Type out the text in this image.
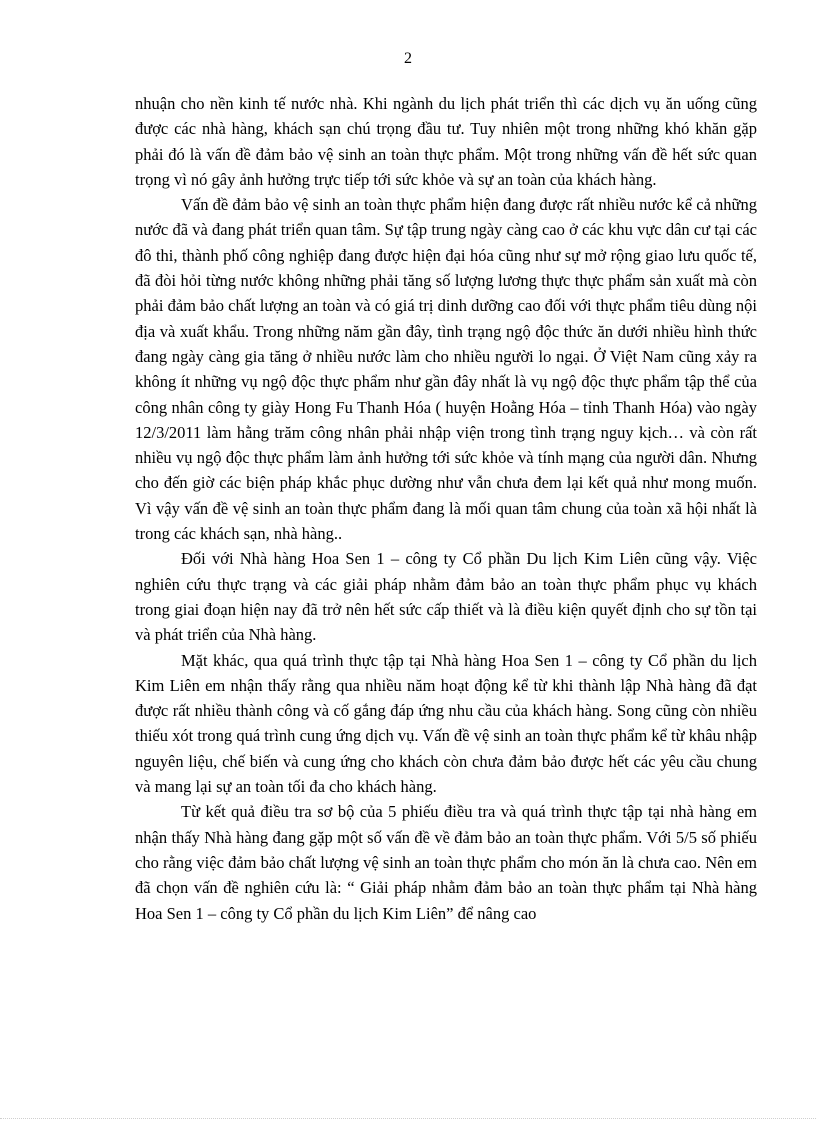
2

nhuận cho nền kinh tế nước nhà. Khi ngành du lịch phát triển thì các dịch vụ ăn uống cũng được các nhà hàng, khách sạn chú trọng đầu tư. Tuy nhiên một trong những khó khăn gặp phải đó là vấn đề đảm bảo vệ sinh an toàn thực phẩm. Một trong những vấn đề hết sức quan trọng vì nó gây ảnh hưởng trực tiếp tới sức khỏe và sự an toàn của khách hàng.

Vấn đề đảm bảo vệ sinh an toàn thực phẩm hiện đang được rất nhiều nước kể cả những nước đã và đang phát triển quan tâm. Sự tập trung ngày càng cao ở các khu vực dân cư tại các đô thi, thành phố công nghiệp đang được hiện đại hóa cũng như sự mở rộng giao lưu quốc tế, đã đòi hỏi từng nước không những phải tăng số lượng lương thực thực phẩm sản xuất mà còn phải đảm bảo chất lượng an toàn và có giá trị dinh dưỡng cao đối với thực phẩm tiêu dùng nội địa và xuất khẩu. Trong những năm gần đây, tình trạng ngộ độc thức ăn dưới nhiều hình thức đang ngày càng gia tăng ở nhiều nước làm cho nhiều người lo ngại. Ở Việt Nam cũng xảy ra không ít những vụ ngộ độc thực phẩm như gần đây nhất là vụ ngộ độc thực phẩm tập thể của công nhân công ty giày Hong Fu Thanh Hóa ( huyện Hoằng Hóa – tỉnh Thanh Hóa) vào ngày 12/3/2011 làm hằng trăm công nhân phải nhập viện trong tình trạng nguy kịch… và còn rất nhiều vụ ngộ độc thực phẩm làm ảnh hưởng tới sức khỏe và tính mạng của người dân. Nhưng cho đến giờ các biện pháp khắc phục dường như vẫn chưa đem lại kết quả như mong muốn. Vì vậy vấn đề vệ sinh an toàn thực phẩm đang là mối quan tâm chung của toàn xã hội nhất là trong các khách sạn, nhà hàng..

Đối với Nhà hàng Hoa Sen 1 – công ty Cổ phần Du lịch Kim Liên cũng vậy. Việc nghiên cứu thực trạng và các giải pháp nhằm đảm bảo an toàn thực phẩm phục vụ khách trong giai đoạn hiện nay đã trở nên hết sức cấp thiết và là điều kiện quyết định cho sự tồn tại và phát triển của Nhà hàng.

Mặt khác, qua quá trình thực tập tại Nhà hàng Hoa Sen 1 – công ty Cổ phần du lịch Kim Liên em nhận thấy rằng qua nhiều năm hoạt động kể từ khi thành lập Nhà hàng đã đạt được rất nhiều thành công và cố gắng đáp ứng nhu cầu của khách hàng. Song cũng còn nhiều thiếu xót trong quá trình cung ứng dịch vụ. Vấn đề vệ sinh an toàn thực phẩm kể từ khâu nhập nguyên liệu, chế biến và cung ứng cho khách còn chưa đảm bảo được hết các yêu cầu chung và mang lại sự an toàn tối đa cho khách hàng.

Từ kết quả điều tra sơ bộ của 5 phiếu điều tra và quá trình thực tập tại nhà hàng em nhận thấy Nhà hàng đang gặp một số vấn đề về đảm bảo an toàn thực phẩm. Với 5/5 số phiếu cho rằng việc đảm bảo chất lượng vệ sinh an toàn thực phẩm cho món ăn là chưa cao. Nên em đã chọn vấn đề nghiên cứu là: “ Giải pháp nhằm đảm bảo an toàn thực phẩm tại Nhà hàng Hoa Sen 1 – công ty Cổ phần du lịch Kim Liên” để nâng cao
